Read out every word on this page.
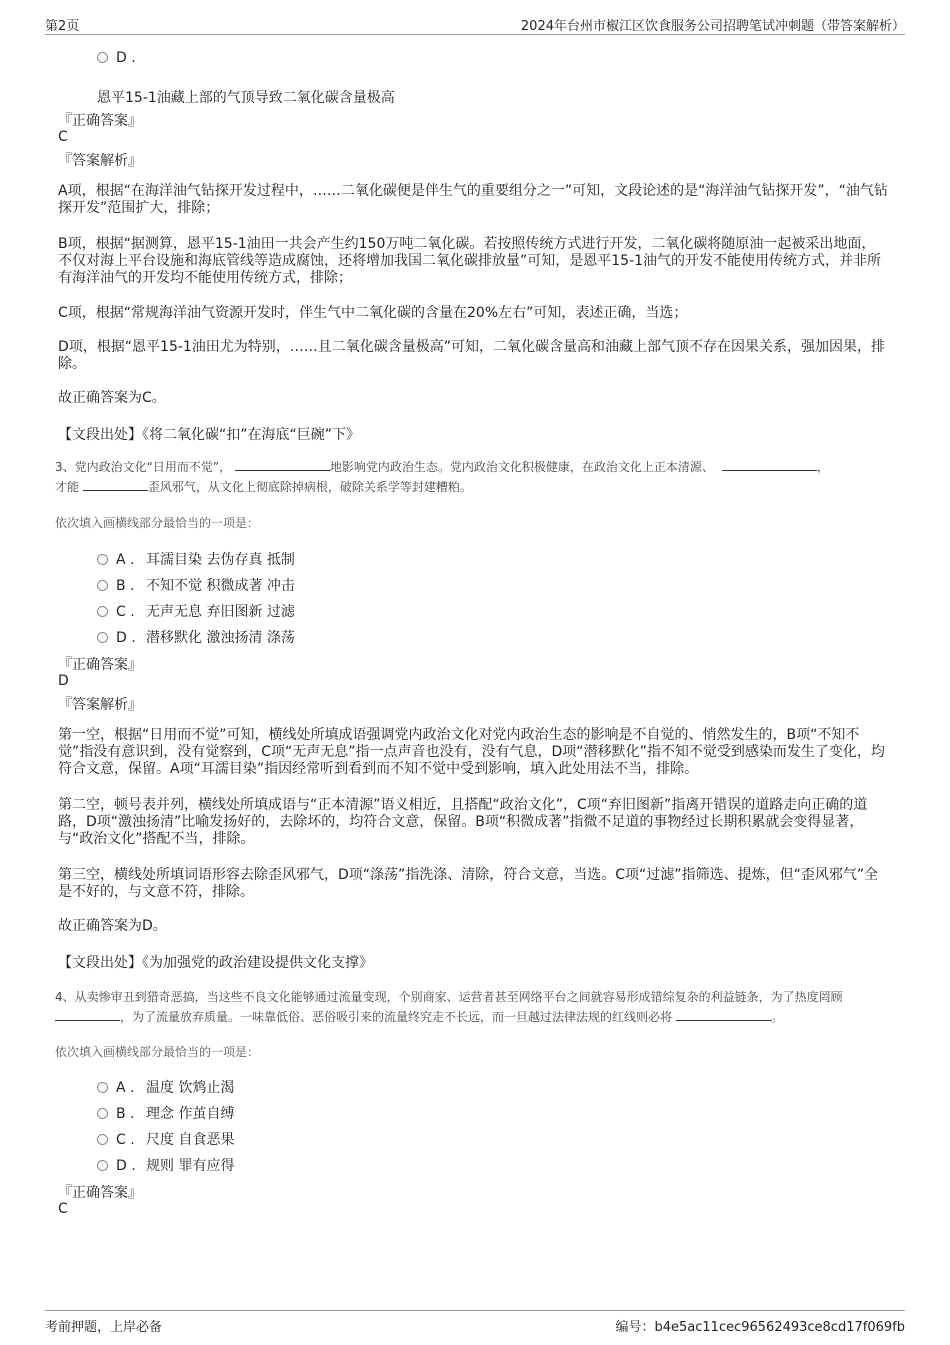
第2页	2024年台州市椒江区饮食服务公司招聘笔试冲刺题（带答案解析）
D .
恩平15-1油藏上部的气顶导致二氧化碳含量极高
『正确答案』
C
『答案解析』
A项，根据“在海洋油气钻探开发过程中，……二氧化碳便是伴生气的重要组分之一”可知，文段论述的是“海洋油气钻探开发”，“油气钻探开发”范围扩大，排除；
B项，根据“据测算，恩平15-1油田一共会产生约150万吨二氧化碳。若按照传统方式进行开发，二氧化碳将随原油一起被采出地面，不仅对海上平台设施和海底管线等造成腐蚀，还将增加我国二氧化碳排放量”可知，是恩平15-1油气的开发不能使用传统方式，并非所有海洋油气的开发均不能使用传统方式，排除；
C项，根据“常规海洋油气资源开发时，伴生气中二氧化碳的含量在20%左右”可知，表述正确，当选；
D项，根据“恩平15-1油田尤为特别，……且二氧化碳含量极高”可知，二氧化碳含量高和油藏上部气顶不存在因果关系，强加因果，排除。
故正确答案为C。
【文段出处】《将二氧化碳“扣”在海底“巨碗”下》
3、党内政治文化“日用而不觉”，	地影响党内政治生态。党内政治文化积极健康，在政治文化上正本清源、	，
才能	歪风邪气，从文化上彻底除掉病根，破除关系学等封建糟粕。
依次填入画横线部分最恰当的一项是：
A . 耳濡目染 去伪存真 抵制
B . 不知不觉 积微成著 冲击
C . 无声无息 弃旧图新 过滤
D . 潜移默化 激浊扬清 涤荡
『正确答案』
D
『答案解析』
第一空，根据“日用而不觉”可知，横线处所填成语强调党内政治文化对党内政治生态的影响是不自觉的、悄然发生的，B项“不知不觉”指没有意识到，没有觉察到，C项“无声无息”指一点声音也没有，没有气息，D项“潜移默化”指不知不觉受到感染而发生了变化，均符合文意，保留。A项“耳濡目染”指因经常听到看到而不知不觉中受到影响，填入此处用法不当，排除。
第二空，顿号表并列，横线处所填成语与“正本清源”语义相近，且搭配“政治文化”，C项“弃旧图新”指离开错误的道路走向正确的道路，D项“激浊扬清”比喻发扬好的，去除坏的，均符合文意，保留。B项“积微成著”指微不足道的事物经过长期积累就会变得显著，与“政治文化”搭配不当，排除。
第三空，横线处所填词语形容去除歪风邪气，D项“涤荡”指洗涤、清除，符合文意，当选。C项“过滤”指筛选、提炼，但“歪风邪气”全是不好的，与文意不符，排除。
故正确答案为D。
【文段出处】《为加强党的政治建设提供文化支撑》
4、从卖惨审丑到猎奇恶搞，当这些不良文化能够通过流量变现，个别商家、运营者甚至网络平台之间就容易形成错综复杂的利益链条，为了热度罔顾 ，为了流量放弃质量。一味靠低俗、恶俗吸引来的流量终究走不长远，而一旦越过法律法规的红线则必将	。
依次填入画横线部分最恰当的一项是：
A . 温度 饮鸩止渴
B . 理念 作茧自缚
C . 尺度 自食恶果
D . 规则 罪有应得
『正确答案』
C
考前押题，上岸必备	编号：b4e5ac11cec96562493ce8cd17f069fb
